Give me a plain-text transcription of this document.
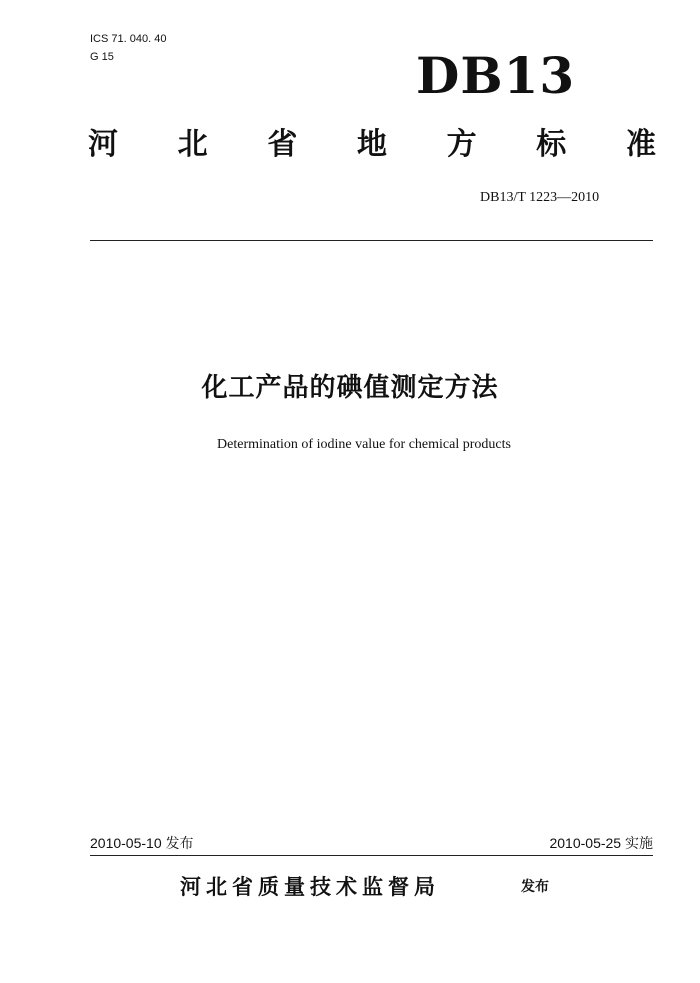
ICS 71. 040. 40
G 15	DB13
河 北 省 地 方 标 准
DB13/T 1223—2010
化工产品的碘值测定方法
Determination of iodine value for chemical products
2010-05-10 发布	2010-05-25 实施
河北省质量技术监督局	发布
